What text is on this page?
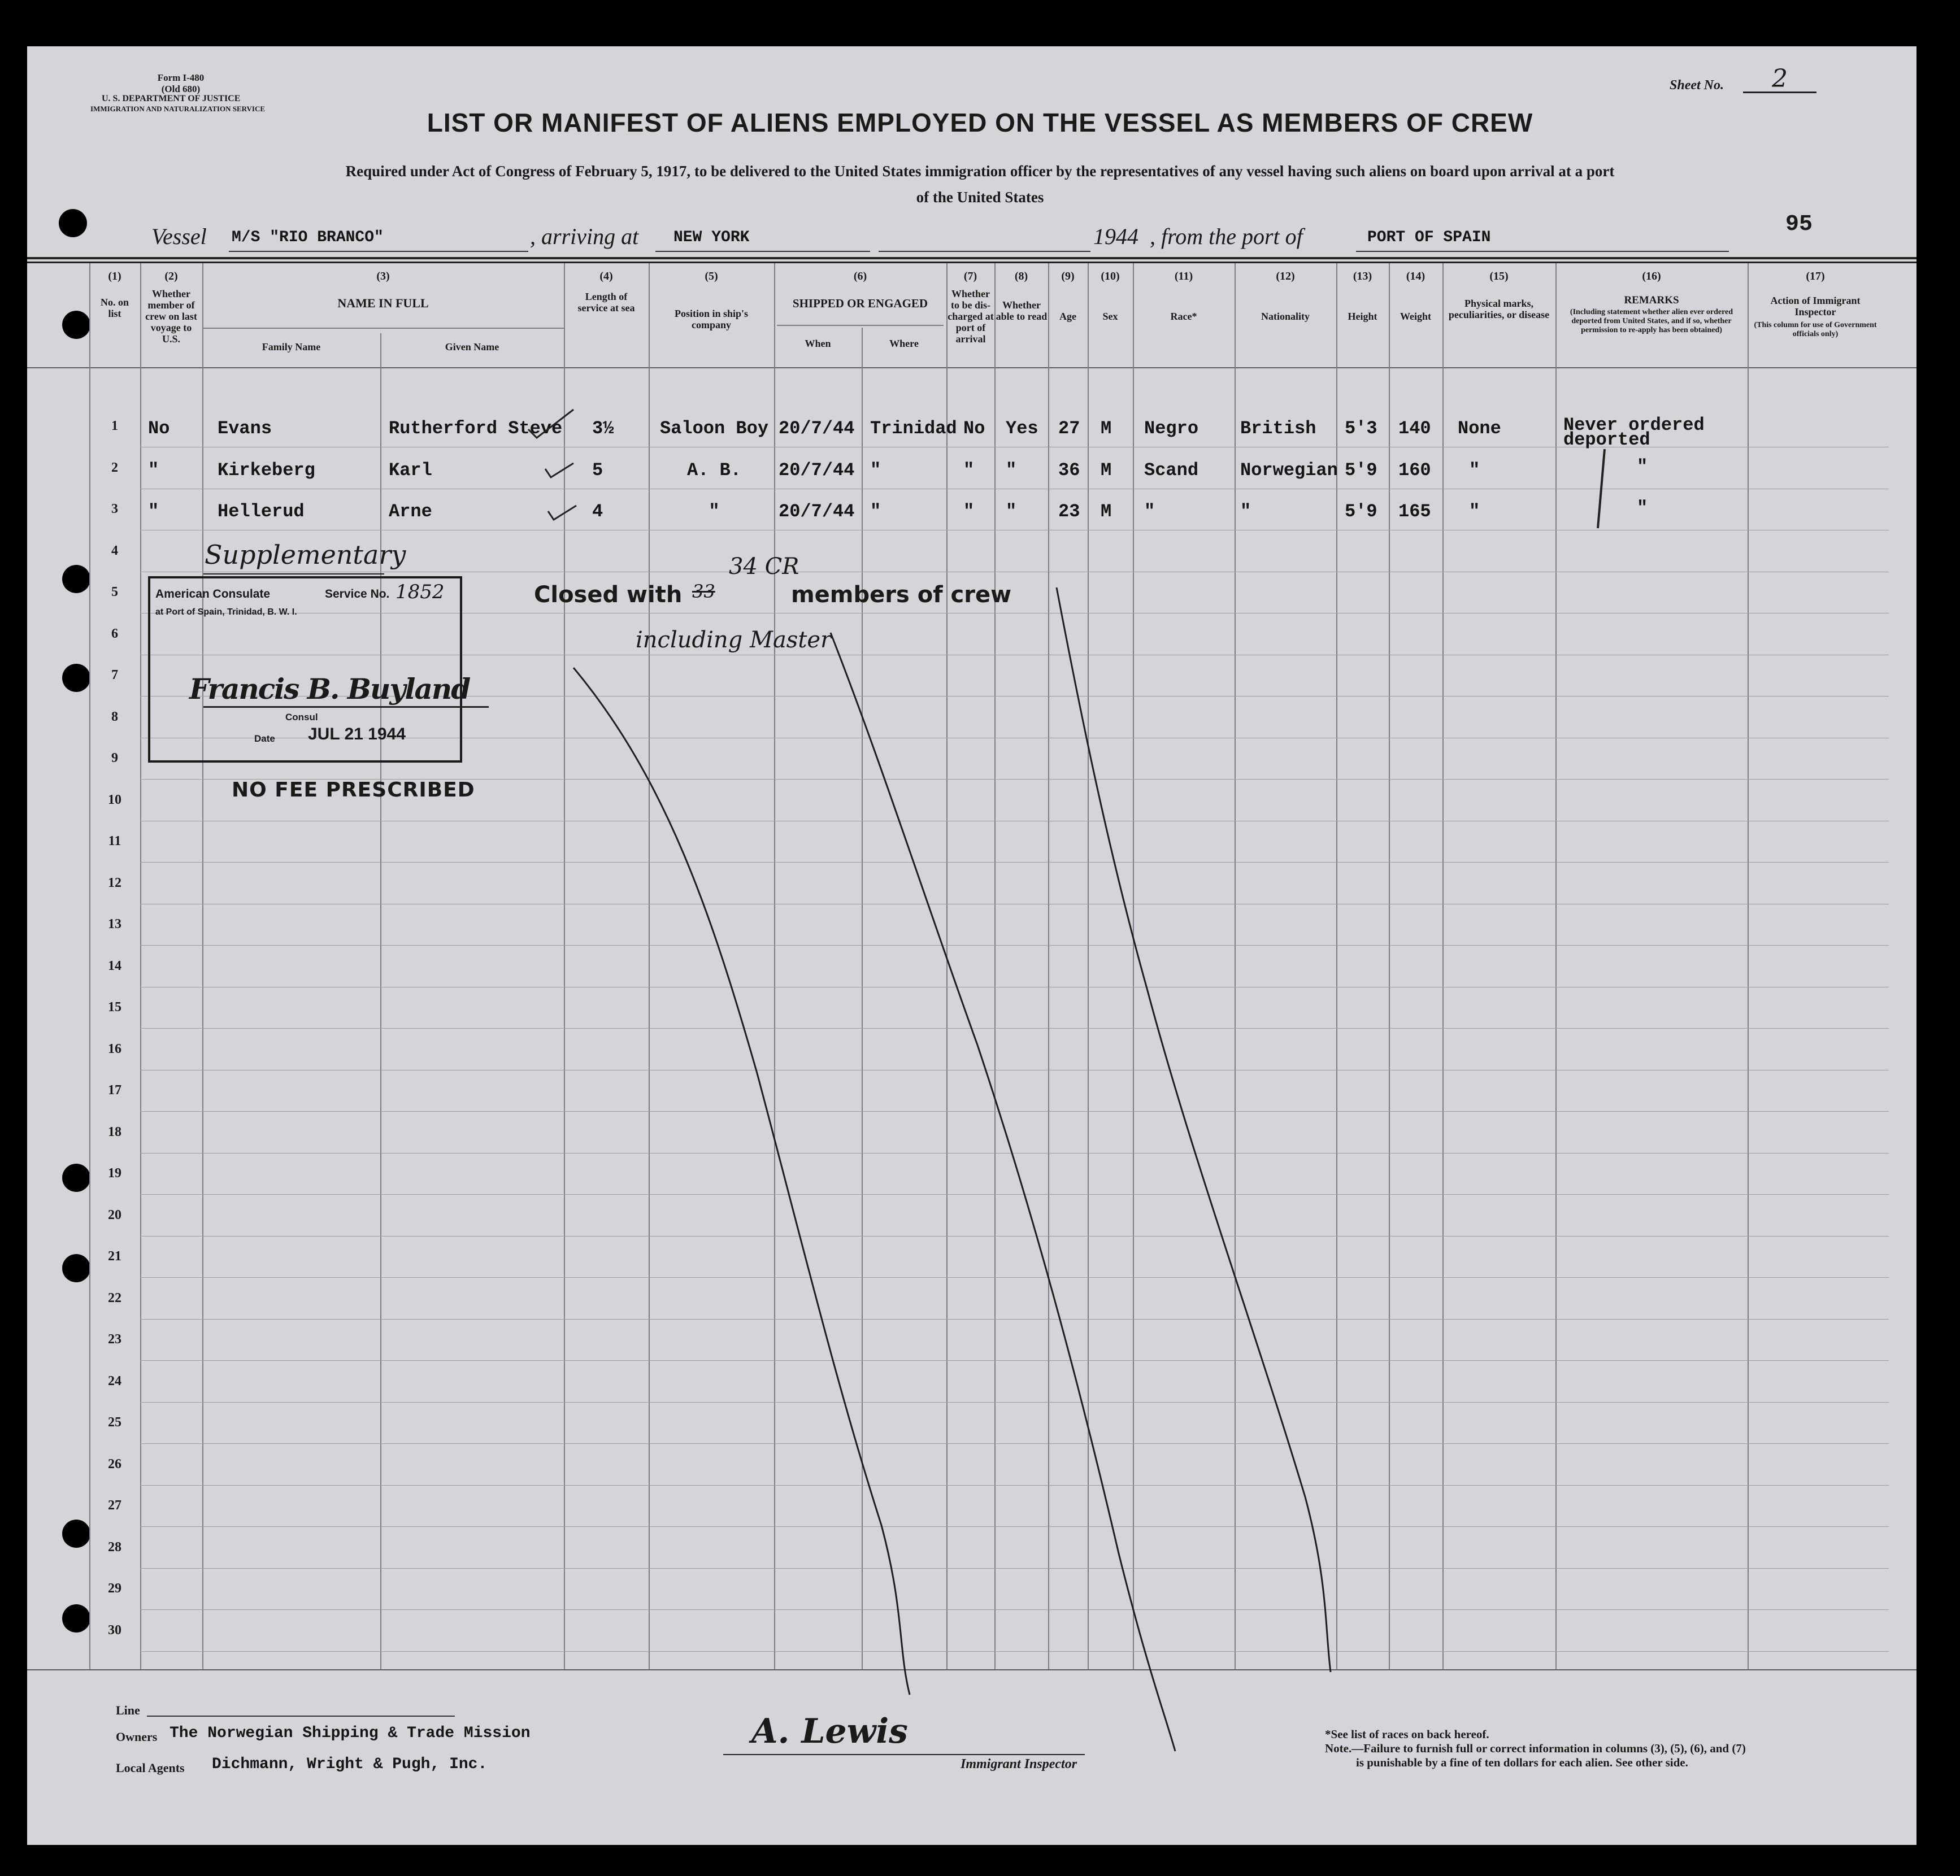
Form I-480
(Old 680)
U. S. DEPARTMENT OF JUSTICE
IMMIGRATION AND NATURALIZATION SERVICE
Sheet No.	2
LIST OR MANIFEST OF ALIENS EMPLOYED ON THE VESSEL AS MEMBERS OF CREW
Required under Act of Congress of February 5, 1917, to be delivered to the United States immigration officer by the representatives of any vessel having such aliens on board upon arrival at a port
of the United States
Vessel M/S "RIO BRANCO"	, arriving at NEW YORK	1944 , from the port of	PORT OF SPAIN
95
(1)	(2)	(3)	(4)	(5)	(6)	(7)	(8)	(9)	(10)	(11)	(12)	(13)	(14)	(15)	(16)	(17)
No. on list
Whether member of crew on last voyage to U.S.
NAME IN FULL
Family Name	Given Name
Length of service at sea	Position in ship's company
SHIPPED OR ENGAGED
When	Where
Whether to be dis-charged at port of arrival
Whether able to read	Age	Sex	Race*	Nationality	Height	Weight
Physical marks, peculiarities, or disease
REMARKS
(Including statement whether alien ever ordered deported from United States, and if so, whether permission to re-apply has been obtained)
Action of Immigrant Inspector
(This column for use of Government officials only)
1
2
3
4
5
6
7
8
9
10
11
12
13
14
15
16
17
18
19
20
21
22
23
24
25
26
27
28
29
30
No	Evans	Rutherford Steve 3½	Saloon Boy 20/7/44 Trinidad No Yes 27 M Negro British 5'3 140 None	Never ordered deported
"	Kirkeberg	Karl	5	A. B.	20/7/44 "	" " 36 M Scand Norwegian 5'9 160 "	"
"	Hellerud	Arne	4	"	20/7/44 "	" " 23 M "	"	5'9 165 "	"
Supplementary
American Consulate
at Port of Spain, Trinidad, B. W. I.
Service No. 1852
Francis B. Buyland
Consul
Date JUL 21 1944
NO FEE PRESCRIBED
Closed with 33
34 CR
members of crew
including Master
Line
Owners The Norwegian Shipping & Trade Mission
Local Agents Dichmann, Wright & Pugh, Inc.
A. Lewis
Immigrant Inspector
*See list of races on back hereof.
Note.—Failure to furnish full or correct information in columns (3), (5), (6), and (7)
is punishable by a fine of ten dollars for each alien. See other side.
